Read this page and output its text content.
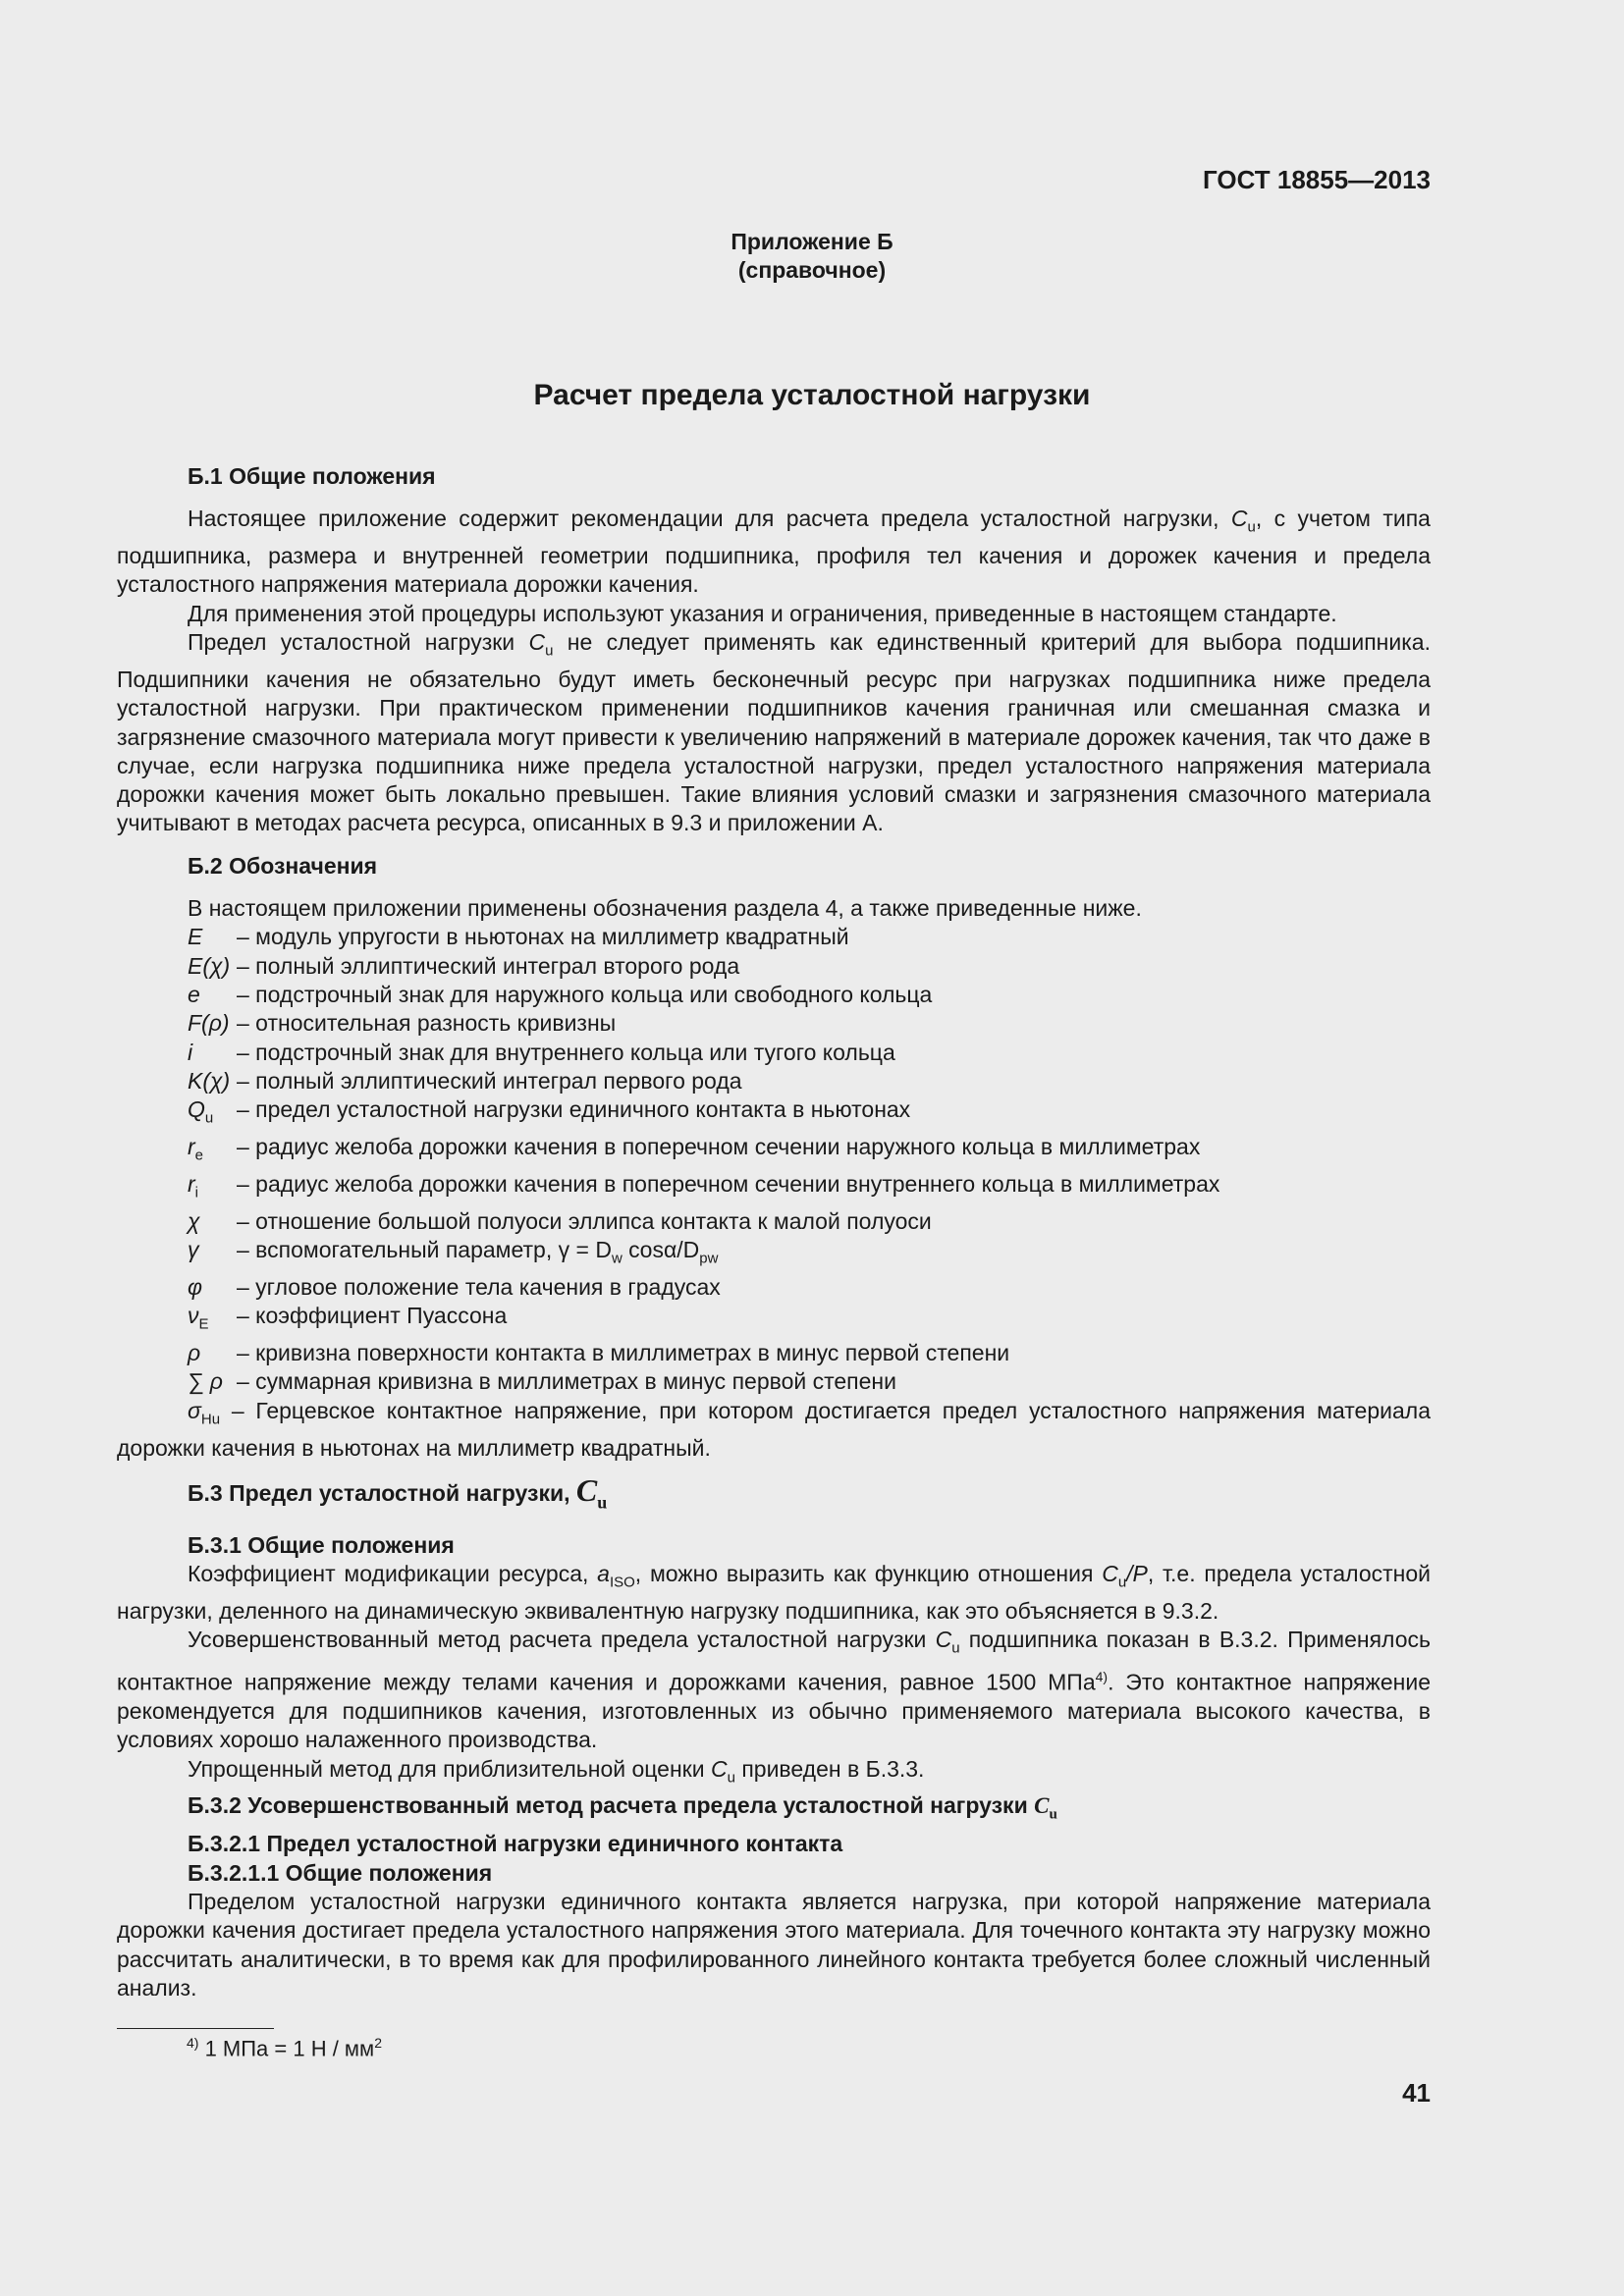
ГОСТ 18855—2013
Приложение Б
(справочное)
Расчет предела усталостной нагрузки

Б.1 Общие положения

Настоящее приложение содержит рекомендации для расчета предела усталостной нагрузки, $C_u$, с учетом типа подшипника, размера и внутренней геометрии подшипника, профиля тел качения и дорожек качения и предела усталостного напряжения материала дорожки качения.

Для применения этой процедуры используют указания и ограничения, приведенные в настоящем стандарте.

Предел усталостной нагрузки $C_u$ не следует применять как единственный критерий для выбора подшипника. Подшипники качения не обязательно будут иметь бесконечный ресурс при нагрузках подшипника ниже предела усталостной нагрузки. При практическом применении подшипников качения граничная или смешанная смазка и загрязнение смазочного материала могут привести к увеличению напряжений в материале дорожек качения, так что даже в случае, если нагрузка подшипника ниже предела усталостной нагрузки, предел усталостного напряжения материала дорожки качения может быть локально превышен. Такие влияния условий смазки и загрязнения смазочного материала учитывают в методах расчета ресурса, описанных в 9.3 и приложении А.

Б.2 Обозначения

В настоящем приложении применены обозначения раздела 4, а также приведенные ниже.

E	– модуль упругости в ньютонах на миллиметр квадратный
E(χ) – полный эллиптический интеграл второго рода
e	– подстрочный знак для наружного кольца или свободного кольца
F(ρ) – относительная разность кривизны
i	– подстрочный знак для внутреннего кольца или тугого кольца
K(χ) – полный эллиптический интеграл первого рода
$Q_u$	– предел усталостной нагрузки единичного контакта в ньютонах
$r_e$	– радиус желоба дорожки качения в поперечном сечении наружного кольца в миллиметрах
$r_i$	– радиус желоба дорожки качения в поперечном сечении внутреннего кольца в миллиметрах
χ	– отношение большой полуоси эллипса контакта к малой полуоси
γ	– вспомогательный параметр, $\gamma = D_w$ cosα/$D_{pw}$
φ	– угловое положение тела качения в градусах
$\nu_E$	– коэффициент Пуассона
ρ	– кривизна поверхности контакта в миллиметрах в минус первой степени
∑ ρ – суммарная кривизна в миллиметрах в минус первой степени

$\sigma_{Hu}$ – Герцевское контактное напряжение, при котором достигается предел усталостного напряжения материала дорожки качения в ньютонах на миллиметр квадратный.

Б.3 Предел усталостной нагрузки, $C_u$

Б.3.1 Общие положения

Коэффициент модификации ресурса, $a_{ISO}$, можно выразить как функцию отношения $C_u/P$, т.е. предела усталостной нагрузки, деленного на динамическую эквивалентную нагрузку подшипника, как это объясняется в 9.3.2.

Усовершенствованный метод расчета предела усталостной нагрузки $C_u$ подшипника показан в В.3.2. Применялось контактное напряжение между телами качения и дорожками качения, равное 1500 МПа$^{4)}$. Это контактное напряжение рекомендуется для подшипников качения, изготовленных из обычно применяемого материала высокого качества, в условиях хорошо налаженного производства.

Упрощенный метод для приблизительной оценки $C_u$ приведен в Б.3.3.

Б.3.2 Усовершенствованный метод расчета предела усталостной нагрузки $C_u$

Б.3.2.1 Предел усталостной нагрузки единичного контакта

Б.3.2.1.1 Общие положения

Пределом усталостной нагрузки единичного контакта является нагрузка, при которой напряжение материала дорожки качения достигает предела усталостного напряжения этого материала. Для точечного контакта эту нагрузку можно рассчитать аналитически, в то время как для профилированного линейного контакта требуется более сложный численный анализ.

$^{4)}$ 1 МПа = 1 Н / $мм^2$
41
